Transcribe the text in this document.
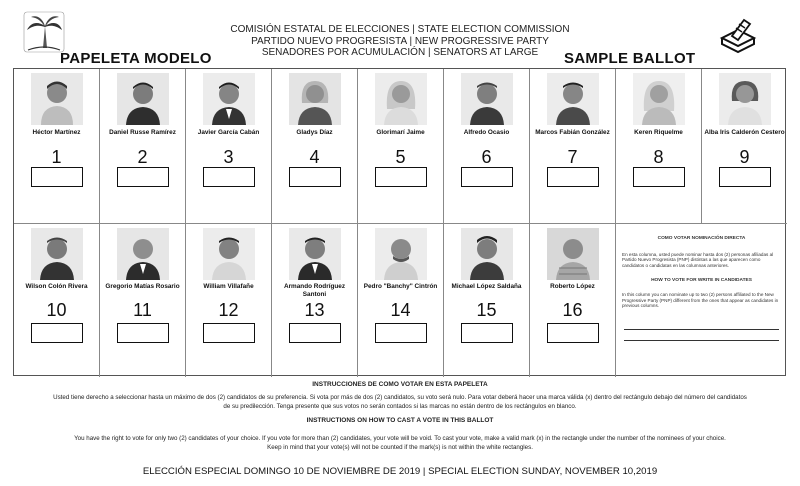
COMISIÓN ESTATAL DE ELECCIONES | STATE ELECTION COMMISSION
PARTIDO NUEVO PROGRESISTA | NEW PROGRESSIVE PARTY
SENADORES POR ACUMULACIÓN | SENATORS AT LARGE
PAPELETA MODELO	SAMPLE BALLOT
Héctor Martínez
1
Daniel Russe Ramírez
2
Javier García Cabán
3
Gladys Díaz
4
Glorimarí Jaime
5
Alfredo Ocasio
6
Marcos Fabián González
7
Keren Riquelme
8
Alba Iris Calderón Cestero
9
Wilson Colón Rivera
10
Gregorio Matías Rosario
11
William Villafañe
12
Armando Rodríguez Santoni
13
Pedro "Banchy" Cintrón
14
Michael López Saldaña
15
Roberto López
16
COMO VOTAR NOMINACIÓN DIRECTA
En esta columna, usted puede nominar hasta dos (2) personas afiliadas al Partido Nuevo Progresista (PNP) distintas a las que aparecen como candidatos o candidatas en las columnas anteriores.
HOW TO VOTE FOR WRITE IN CANDIDATES
In this column you can nominate up to two (2) persons affiliated to the New Progressive Party (PNP) different from the ones that appear as candidates in previous columns.
INSTRUCCIONES DE COMO VOTAR EN ESTA PAPELETA
Usted tiene derecho a seleccionar hasta un máximo de dos (2) candidatos de su preferencia. Si vota por más de dos (2) candidatos, su voto será nulo. Para votar deberá hacer una marca válida (x) dentro del rectángulo debajo del número del candidatos
de su predilección. Tenga presente que sus votos no serán contados si las marcas no están dentro de los rectángulos en blanco.
INSTRUCTIONS ON HOW TO CAST A VOTE IN THIS BALLOT
You have the right to vote for only two (2) candidates of your choice. If you vote for more than (2) candidates, your vote will be void. To cast your vote, make a valid mark (x) in the rectangle under the number of the nominees of your choice.
Keep in mind that your vote(s) will not be counted if the mark(s) is not within the white rectangles.
ELECCIÓN ESPECIAL DOMINGO 10 DE NOVIEMBRE DE 2019 | SPECIAL ELECTION SUNDAY, NOVEMBER 10,2019
